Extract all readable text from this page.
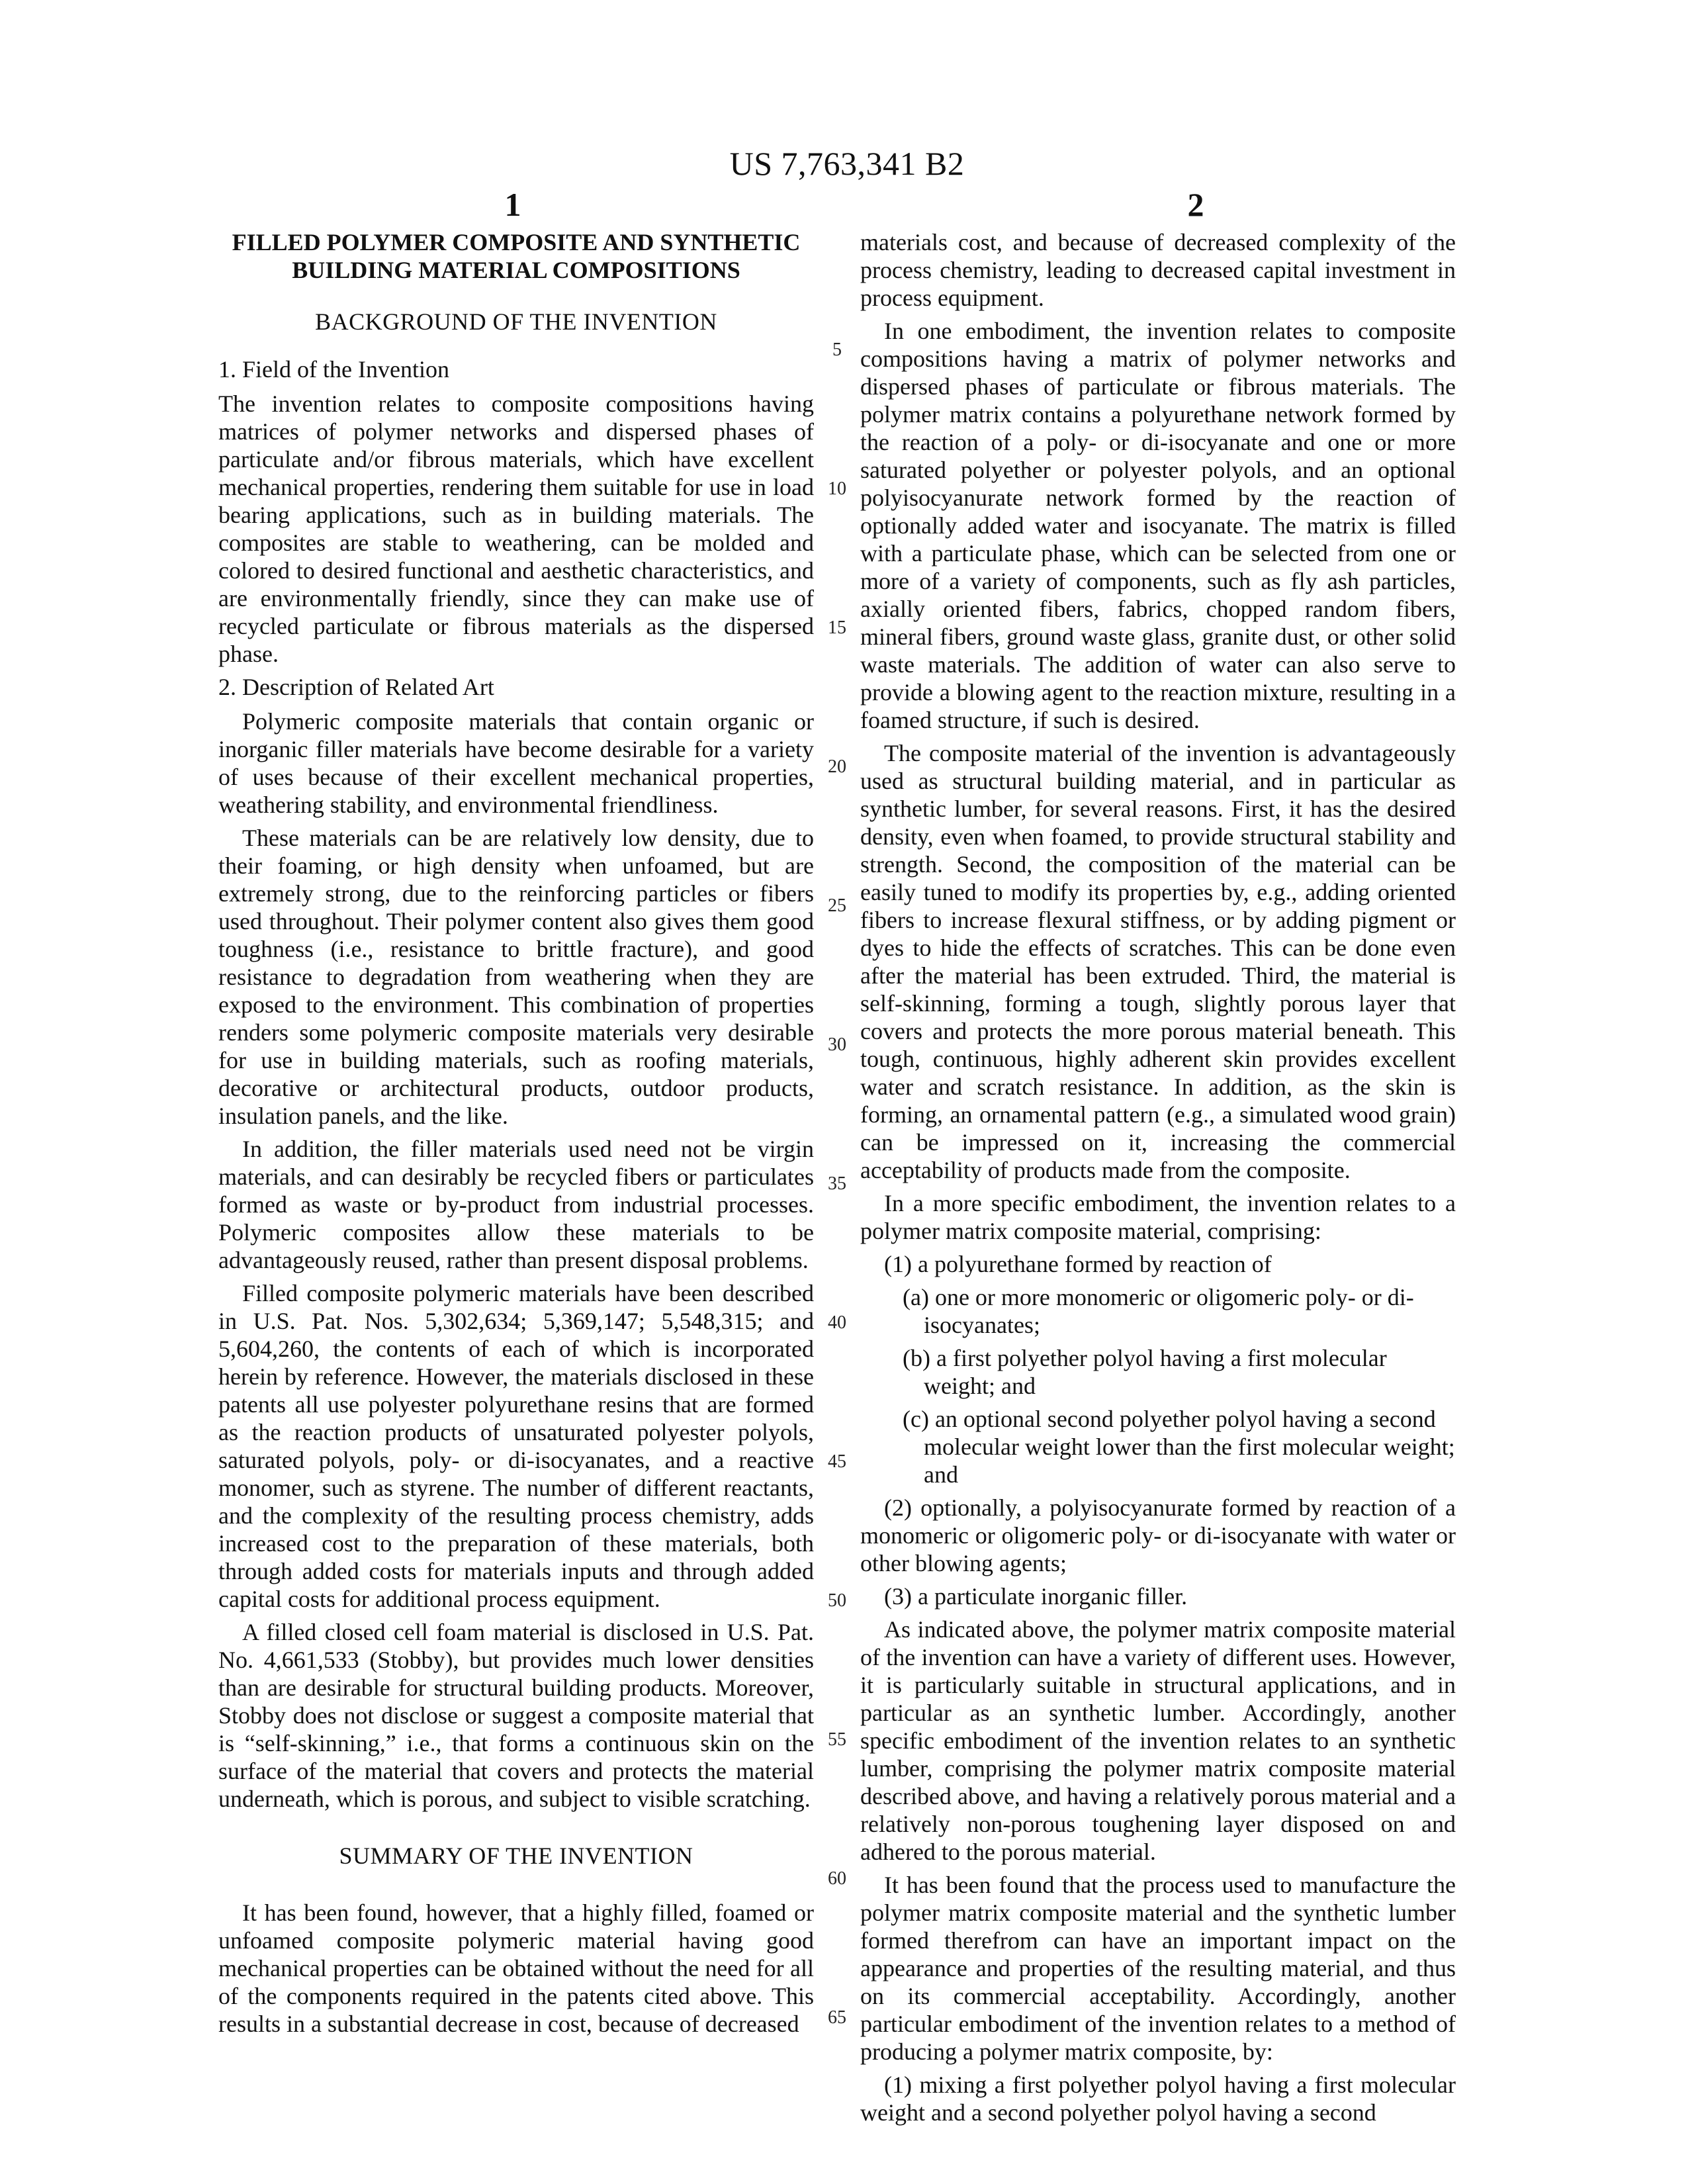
US 7,763,341 B2
1	2
FILLED POLYMER COMPOSITE AND SYNTHETIC BUILDING MATERIAL COMPOSITIONS
BACKGROUND OF THE INVENTION
1. Field of the Invention

The invention relates to composite compositions having matrices of polymer networks and dispersed phases of particulate and/or fibrous materials, which have excellent mechanical properties, rendering them suitable for use in load bearing applications, such as in building materials. The composites are stable to weathering, can be molded and colored to desired functional and aesthetic characteristics, and are environmentally friendly, since they can make use of recycled particulate or fibrous materials as the dispersed phase.

2. Description of Related Art

Polymeric composite materials that contain organic or inorganic filler materials have become desirable for a variety of uses because of their excellent mechanical properties, weathering stability, and environmental friendliness.

These materials can be are relatively low density, due to their foaming, or high density when unfoamed, but are extremely strong, due to the reinforcing particles or fibers used throughout. Their polymer content also gives them good toughness (i.e., resistance to brittle fracture), and good resistance to degradation from weathering when they are exposed to the environment. This combination of properties renders some polymeric composite materials very desirable for use in building materials, such as roofing materials, decorative or architectural products, outdoor products, insulation panels, and the like.

In addition, the filler materials used need not be virgin materials, and can desirably be recycled fibers or particulates formed as waste or by-product from industrial processes. Polymeric composites allow these materials to be advantageously reused, rather than present disposal problems.

Filled composite polymeric materials have been described in U.S. Pat. Nos. 5,302,634; 5,369,147; 5,548,315; and 5,604,260, the contents of each of which is incorporated herein by reference. However, the materials disclosed in these patents all use polyester polyurethane resins that are formed as the reaction products of unsaturated polyester polyols, saturated polyols, poly- or di-isocyanates, and a reactive monomer, such as styrene. The number of different reactants, and the complexity of the resulting process chemistry, adds increased cost to the preparation of these materials, both through added costs for materials inputs and through added capital costs for additional process equipment.

A filled closed cell foam material is disclosed in U.S. Pat. No. 4,661,533 (Stobby), but provides much lower densities than are desirable for structural building products. Moreover, Stobby does not disclose or suggest a composite material that is “self-skinning,” i.e., that forms a continuous skin on the surface of the material that covers and protects the material underneath, which is porous, and subject to visible scratching.

SUMMARY OF THE INVENTION

It has been found, however, that a highly filled, foamed or unfoamed composite polymeric material having good mechanical properties can be obtained without the need for all of the components required in the patents cited above. This results in a substantial decrease in cost, because of decreased

materials cost, and because of decreased complexity of the process chemistry, leading to decreased capital investment in process equipment.

In one embodiment, the invention relates to composite compositions having a matrix of polymer networks and dispersed phases of particulate or fibrous materials. The polymer matrix contains a polyurethane network formed by the reaction of a poly- or di-isocyanate and one or more saturated polyether or polyester polyols, and an optional polyisocyanurate network formed by the reaction of optionally added water and isocyanate. The matrix is filled with a particulate phase, which can be selected from one or more of a variety of components, such as fly ash particles, axially oriented fibers, fabrics, chopped random fibers, mineral fibers, ground waste glass, granite dust, or other solid waste materials. The addition of water can also serve to provide a blowing agent to the reaction mixture, resulting in a foamed structure, if such is desired.

The composite material of the invention is advantageously used as structural building material, and in particular as synthetic lumber, for several reasons. First, it has the desired density, even when foamed, to provide structural stability and strength. Second, the composition of the material can be easily tuned to modify its properties by, e.g., adding oriented fibers to increase flexural stiffness, or by adding pigment or dyes to hide the effects of scratches. This can be done even after the material has been extruded. Third, the material is self-skinning, forming a tough, slightly porous layer that covers and protects the more porous material beneath. This tough, continuous, highly adherent skin provides excellent water and scratch resistance. In addition, as the skin is forming, an ornamental pattern (e.g., a simulated wood grain) can be impressed on it, increasing the commercial acceptability of products made from the composite.

In a more specific embodiment, the invention relates to a polymer matrix composite material, comprising:

(1) a polyurethane formed by reaction of

(a) one or more monomeric or oligomeric poly- or di-isocyanates;

(b) a first polyether polyol having a first molecular weight; and

(c) an optional second polyether polyol having a second molecular weight lower than the first molecular weight; and

(2) optionally, a polyisocyanurate formed by reaction of a monomeric or oligomeric poly- or di-isocyanate with water or other blowing agents;

(3) a particulate inorganic filler.

As indicated above, the polymer matrix composite material of the invention can have a variety of different uses. However, it is particularly suitable in structural applications, and in particular as an synthetic lumber. Accordingly, another specific embodiment of the invention relates to an synthetic lumber, comprising the polymer matrix composite material described above, and having a relatively porous material and a relatively non-porous toughening layer disposed on and adhered to the porous material.

It has been found that the process used to manufacture the polymer matrix composite material and the synthetic lumber formed therefrom can have an important impact on the appearance and properties of the resulting material, and thus on its commercial acceptability. Accordingly, another particular embodiment of the invention relates to a method of producing a polymer matrix composite, by:

(1) mixing a first polyether polyol having a first molecular weight and a second polyether polyol having a second

5
10
15
20
25
30
35
40
45
50
55
60
65
